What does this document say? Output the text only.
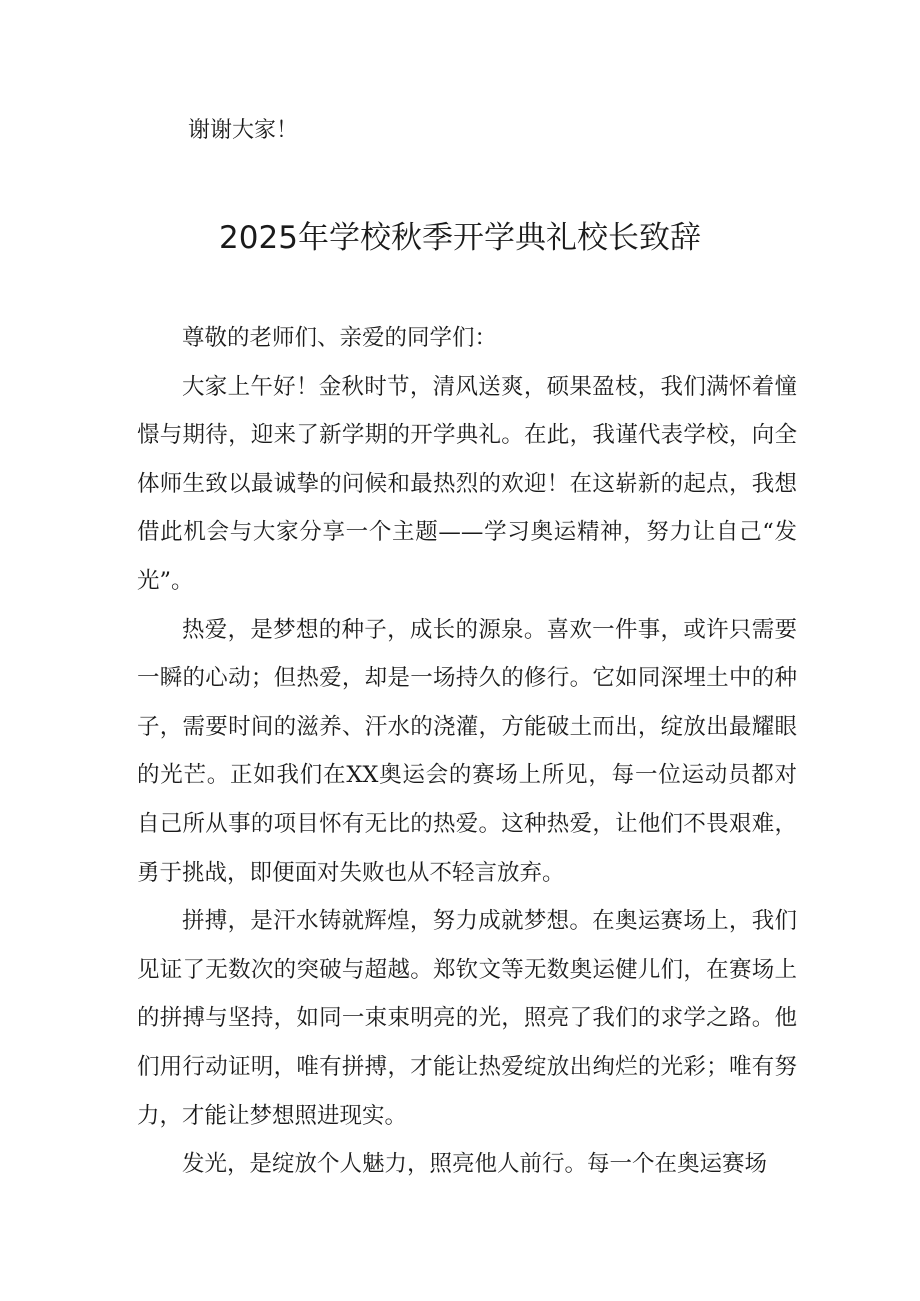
谢谢大家！

2025年学校秋季开学典礼校长致辞

尊敬的老师们、亲爱的同学们：

大家上午好！金秋时节，清风送爽，硕果盈枝，我们满怀着憧憬与期待，迎来了新学期的开学典礼。在此，我谨代表学校，向全体师生致以最诚挚的问候和最热烈的欢迎！在这崭新的起点，我想借此机会与大家分享一个主题——学习奥运精神，努力让自己“发光”。

热爱，是梦想的种子，成长的源泉。喜欢一件事，或许只需要一瞬的心动；但热爱，却是一场持久的修行。它如同深埋土中的种子，需要时间的滋养、汗水的浇灌，方能破土而出，绽放出最耀眼的光芒。正如我们在XX奥运会的赛场上所见，每一位运动员都对自己所从事的项目怀有无比的热爱。这种热爱，让他们不畏艰难，勇于挑战，即便面对失败也从不轻言放弃。

拼搏，是汗水铸就辉煌，努力成就梦想。在奥运赛场上，我们见证了无数次的突破与超越。郑钦文等无数奥运健儿们，在赛场上的拼搏与坚持，如同一束束明亮的光，照亮了我们的求学之路。他们用行动证明，唯有拼搏，才能让热爱绽放出绚烂的光彩；唯有努力，才能让梦想照进现实。

发光，是绽放个人魅力，照亮他人前行。每一个在奥运赛场
